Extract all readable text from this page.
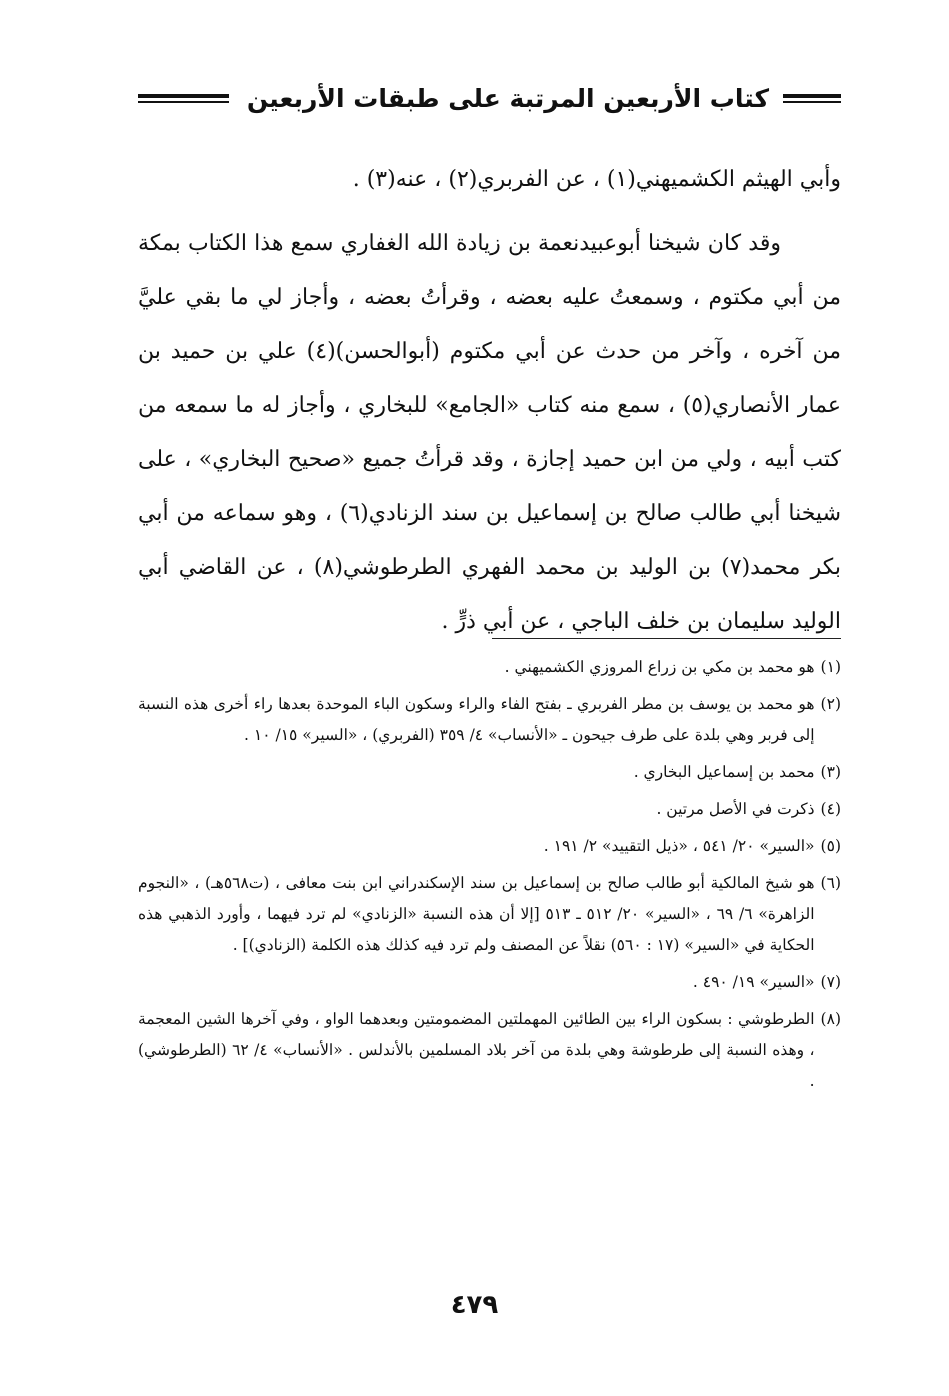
كتاب الأربعين المرتبة على طبقات الأربعين

وأبي الهيثم الكشميهني(١) ، عن الفربري(٢) ، عنه(٣) .

وقد كان شيخنا أبوعبيدنعمة بن زيادة الله الغفاري سمع هذا الكتاب بمكة من أبي مكتوم ، وسمعتُ عليه بعضه ، وقرأتُ بعضه ، وأجاز لي ما بقي عليَّ من آخره ، وآخر من حدث عن أبي مكتوم (أبوالحسن)(٤) علي بن حميد بن عمار الأنصاري(٥) ، سمع منه كتاب «الجامع» للبخاري ، وأجاز له ما سمعه من كتب أبيه ، ولي من ابن حميد إجازة ، وقد قرأتُ جميع «صحيح البخاري» ، على شيخنا أبي طالب صالح بن إسماعيل بن سند الزنادي(٦) ، وهو سماعه من أبي بكر محمد(٧) بن الوليد بن محمد الفهري الطرطوشي(٨) ، عن القاضي أبي الوليد سليمان بن خلف الباجي ، عن أبي ذرٍّ .

(١)
هو محمد بن مكي بن زراع المروزي الكشميهني .
(٢)
هو محمد بن يوسف بن مطر الفربري ـ بفتح الفاء والراء وسكون الباء الموحدة بعدها راء أخرى هذه النسبة إلى فربر وهي بلدة على طرف جيحون ـ «الأنساب» ٤/ ٣٥٩ (الفربري) ، «السير» ١٥/ ١٠ .
(٣)
محمد بن إسماعيل البخاري .
(٤)
ذكرت في الأصل مرتين .
(٥)
«السير» ٢٠/ ٥٤١ ، «ذيل التقييد» ٢/ ١٩١ .
(٦)
هو شيخ المالكية أبو طالب صالح بن إسماعيل بن سند الإسكندراني ابن بنت معافى ، (ت٥٦٨هـ) ، «النجوم الزاهرة» ٦/ ٦٩ ، «السير» ٢٠/ ٥١٢ ـ ٥١٣ [إلا أن هذه النسبة «الزنادي» لم ترد فيهما ، وأورد الذهبي هذه الحكاية في «السير» (١٧ : ٥٦٠) نقلاً عن المصنف ولم ترد فيه كذلك هذه الكلمة (الزنادي)] .
(٧)
«السير» ١٩/ ٤٩٠ .
(٨)
الطرطوشي : بسكون الراء بين الطائين المهملتين المضمومتين وبعدهما الواو ، وفي آخرها الشين المعجمة ، وهذه النسبة إلى طرطوشة وهي بلدة من آخر بلاد المسلمين بالأندلس . «الأنساب» ٤/ ٦٢ (الطرطوشي) .
٤٧٩
